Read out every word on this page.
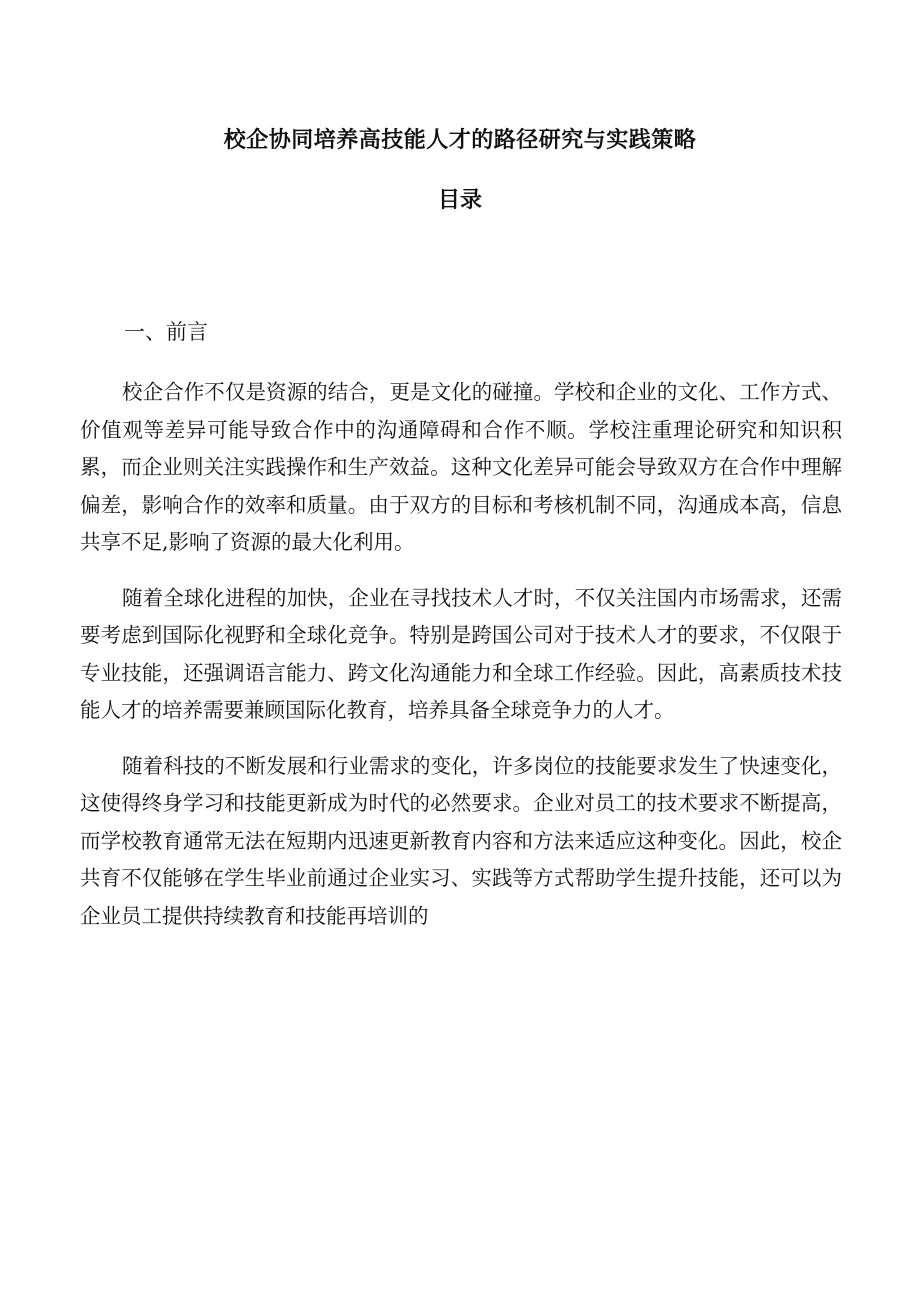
校企协同培养高技能人才的路径研究与实践策略
目录
一、前言

校企合作不仅是资源的结合，更是文化的碰撞。学校和企业的文化、工作方式、价值观等差异可能导致合作中的沟通障碍和合作不顺。学校注重理论研究和知识积累，而企业则关注实践操作和生产效益。这种文化差异可能会导致双方在合作中理解偏差，影响合作的效率和质量。由于双方的目标和考核机制不同，沟通成本高，信息共享不足,影响了资源的最大化利用。

随着全球化进程的加快，企业在寻找技术人才时，不仅关注国内市场需求，还需要考虑到国际化视野和全球化竞争。特别是跨国公司对于技术人才的要求，不仅限于专业技能，还强调语言能力、跨文化沟通能力和全球工作经验。因此，高素质技术技能人才的培养需要兼顾国际化教育，培养具备全球竞争力的人才。

随着科技的不断发展和行业需求的变化，许多岗位的技能要求发生了快速变化，这使得终身学习和技能更新成为时代的必然要求。企业对员工的技术要求不断提高，而学校教育通常无法在短期内迅速更新教育内容和方法来适应这种变化。因此，校企共育不仅能够在学生毕业前通过企业实习、实践等方式帮助学生提升技能，还可以为企业员工提供持续教育和技能再培训的
